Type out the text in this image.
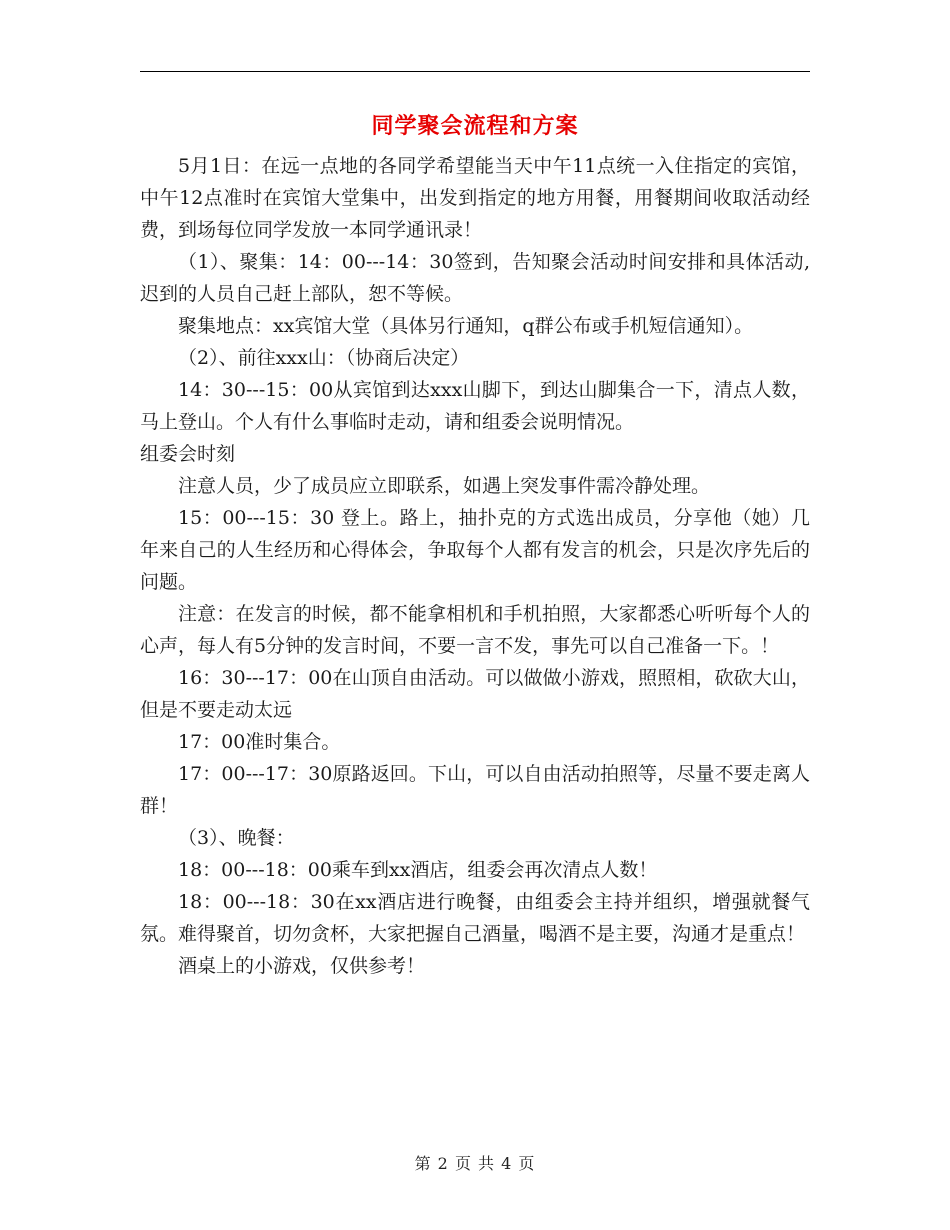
同学聚会流程和方案

5月1日：在远一点地的各同学希望能当天中午11点统一入住指定的宾馆，中午12点准时在宾馆大堂集中，出发到指定的地方用餐，用餐期间收取活动经费，到场每位同学发放一本同学通讯录！

（1）、聚集：14：00---14：30签到，告知聚会活动时间安排和具体活动,迟到的人员自己赶上部队，恕不等候。

聚集地点：xx宾馆大堂（具体另行通知，q群公布或手机短信通知）。

（2）、前往xxx山：（协商后决定）

14：30---15：00从宾馆到达xxx山脚下，到达山脚集合一下，清点人数，马上登山。个人有什么事临时走动，请和组委会说明情况。

组委会时刻

注意人员，少了成员应立即联系，如遇上突发事件需冷静处理。

15：00---15：30 登上。路上，抽扑克的方式选出成员，分享他（她）几年来自己的人生经历和心得体会，争取每个人都有发言的机会，只是次序先后的问题。

注意：在发言的时候，都不能拿相机和手机拍照，大家都悉心听听每个人的心声，每人有5分钟的发言时间，不要一言不发，事先可以自己准备一下。！

16：30---17：00在山顶自由活动。可以做做小游戏，照照相，砍砍大山，但是不要走动太远

17：00准时集合。

17：00---17：30原路返回。下山，可以自由活动拍照等，尽量不要走离人群！

（3）、晚餐：

18：00---18：00乘车到xx酒店，组委会再次清点人数！

18：00---18：30在xx酒店进行晚餐，由组委会主持并组织，增强就餐气氛。难得聚首，切勿贪杯，大家把握自己酒量，喝酒不是主要，沟通才是重点！

酒桌上的小游戏，仅供参考！

第 2 页 共 4 页
